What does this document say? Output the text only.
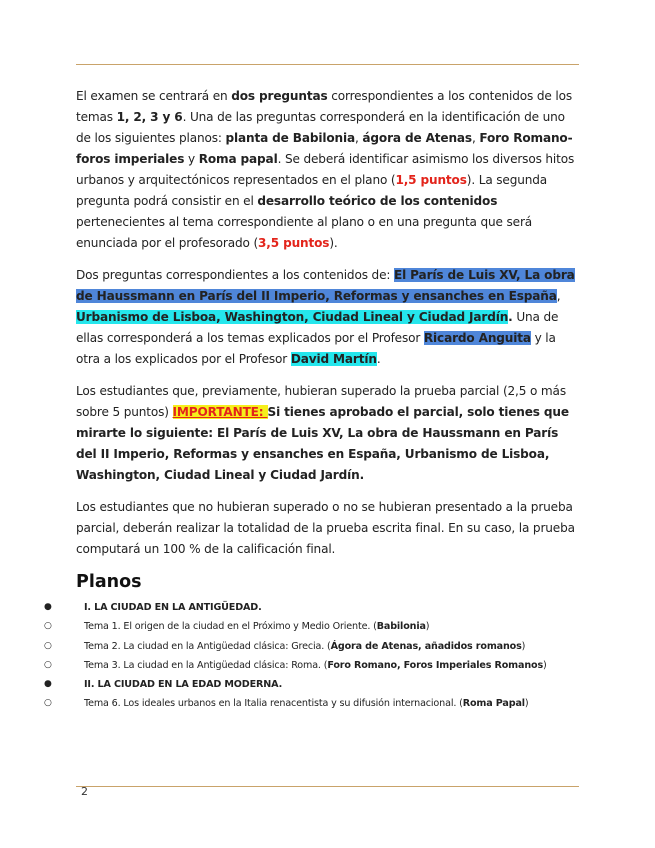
El examen se centrará en dos preguntas correspondientes a los contenidos de los temas 1, 2, 3 y 6. Una de las preguntas corresponderá en la identificación de uno de los siguientes planos: planta de Babilonia, ágora de Atenas, Foro Romano-foros imperiales y Roma papal. Se deberá identificar asimismo los diversos hitos urbanos y arquitectónicos representados en el plano (1,5 puntos). La segunda pregunta podrá consistir en el desarrollo teórico de los contenidos pertenecientes al tema correspondiente al plano o en una pregunta que será enunciada por el profesorado (3,5 puntos).

Dos preguntas correspondientes a los contenidos de: El París de Luis XV, La obra de Haussmann en París del II Imperio, Reformas y ensanches en España, Urbanismo de Lisboa, Washington, Ciudad Lineal y Ciudad Jardín. Una de ellas corresponderá a los temas explicados por el Profesor Ricardo Anguita y la otra a los explicados por el Profesor David Martín.

Los estudiantes que, previamente, hubieran superado la prueba parcial (2,5 o más sobre 5 puntos) IMPORTANTE: Si tienes aprobado el parcial, solo tienes que mirarte lo siguiente: El París de Luis XV, La obra de Haussmann en París del II Imperio, Reformas y ensanches en España, Urbanismo de Lisboa, Washington, Ciudad Lineal y Ciudad Jardín.

Los estudiantes que no hubieran superado o no se hubieran presentado a la prueba parcial, deberán realizar la totalidad de la prueba escrita final. En su caso, la prueba computará un 100 % de la calificación final.

Planos
●	I. LA CIUDAD EN LA ANTIGÜEDAD.
○	Tema 1. El origen de la ciudad en el Próximo y Medio Oriente. (Babilonia)
○	Tema 2. La ciudad en la Antigüedad clásica: Grecia. (Ágora de Atenas, añadidos romanos)
○	Tema 3. La ciudad en la Antigüedad clásica: Roma. (Foro Romano, Foros Imperiales Romanos)
●	II. LA CIUDAD EN LA EDAD MODERNA.
○	Tema 6. Los ideales urbanos en la Italia renacentista y su difusión internacional. (Roma Papal)
2
